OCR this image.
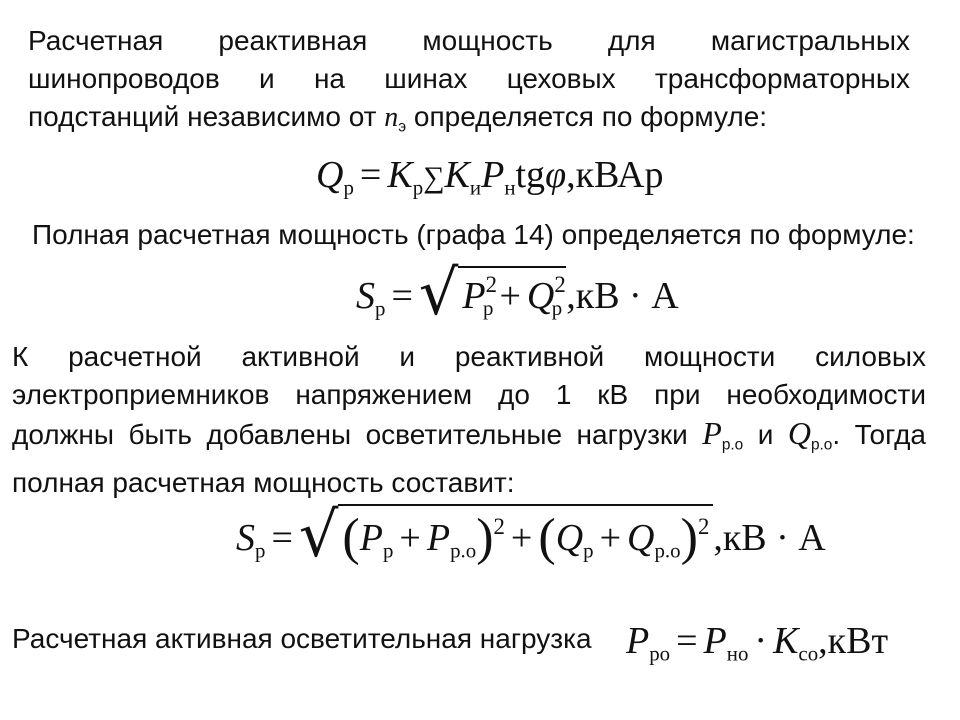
Расчетная реактивная мощность для магистральных
шинопроводов и на шинах цеховых трансформаторных
подстанций независимо от $n_э$ определяется по формуле:
$Q_р$ = $K_р\sum K_иP_нtg\varphi,кВАр$
Полная расчетная мощность (графа 14) определяется по формуле:
$S_р$ =√ $P^2_р + Q^2_р$ ,кВ · А
К расчетной активной и реактивной мощности силовых
электроприемников напряжением до 1 кВ при необходимости
должны быть добавлены осветительные нагрузки $P_{р.о}$ и $Q_{р.о}$. Тогда
полная расчетная мощность составит:
$S_р =√(P_р + P_{р.о})^2 + (Q_р + Q_{р.о})^2$ ,кВ · А
Расчетная активная осветительная нагрузка $P_{ро} = P_{но} \cdot K_{со},кВт$
